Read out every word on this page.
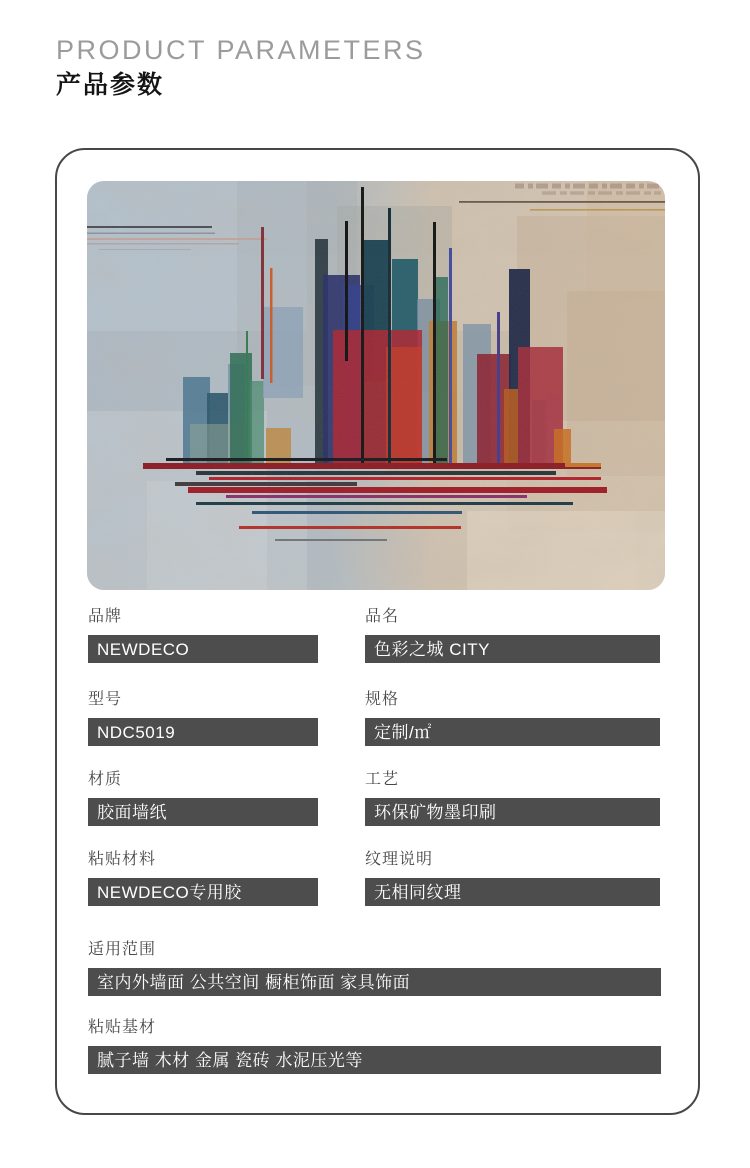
PRODUCT PARAMETERS
产品参数
品牌
NEWDECO
品名
色彩之城 CITY
型号
NDC5019
规格
定制/㎡
材质
胶面墙纸
工艺
环保矿物墨印刷
粘贴材料
NEWDECO专用胶
纹理说明
无相同纹理
适用范围
室内外墙面 公共空间 橱柜饰面 家具饰面
粘贴基材
腻子墙 木材 金属 瓷砖 水泥压光等
